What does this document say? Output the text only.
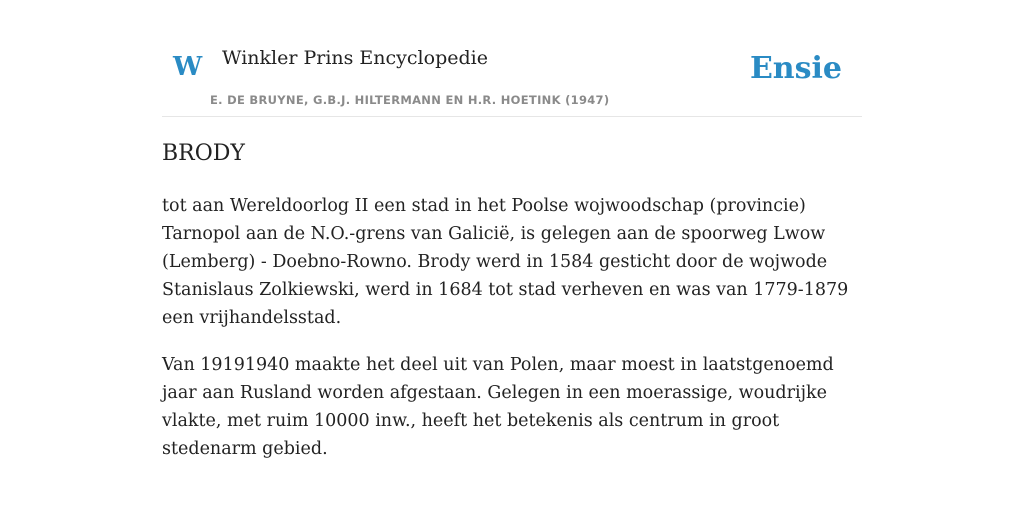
W Winkler Prins Encyclopedie
E. DE BRUYNE, G.B.J. HILTERMANN EN H.R. HOETINK (1947)
Ensie
BRODY

tot aan Wereldoorlog II een stad in het Poolse wojwoodschap (provincie) Tarnopol aan de N.O.-grens van Galicië, is gelegen aan de spoorweg Lwow (Lemberg) - Doebno-Rowno. Brody werd in 1584 gesticht door de wojwode Stanislaus Zolkiewski, werd in 1684 tot stad verheven en was van 1779-1879 een vrijhandelsstad.

Van 19191940 maakte het deel uit van Polen, maar moest in laatstgenoemd jaar aan Rusland worden afgestaan. Gelegen in een moerassige, woudrijke vlakte, met ruim 10000 inw., heeft het betekenis als centrum in groot stedenarm gebied.
